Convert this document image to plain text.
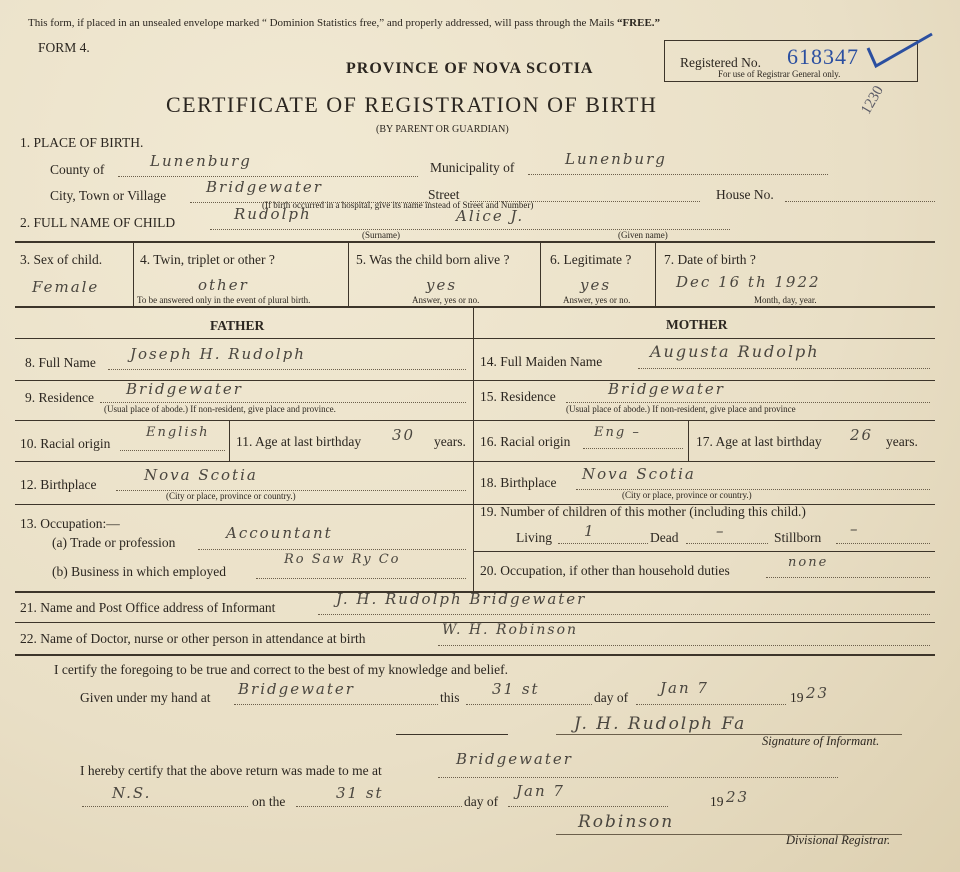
This form, if placed in an unsealed envelope marked “ Dominion Statistics free,” and properly addressed, will pass through the Mails “FREE.”
FORM 4.
PROVINCE OF NOVA SCOTIA
CERTIFICATE OF REGISTRATION OF BIRTH
(BY PARENT OR GUARDIAN)
Registered No. 618347
For use of Registrar General only.
1230
1. PLACE OF BIRTH.
County of	Lunenburg	Municipality of	Lunenburg
City, Town or Village	Bridgewater	Street	House No.
(If birth occurred in a hospital, give its name instead of Street and Number)
2. FULL NAME OF CHILD	Rudolph	Alice J.
(Surname)	(Given name)
3. Sex of child.
Female
4. Twin, triplet or other ?
other
To be answered only in the event of plural birth.
5. Was the child born alive ?
yes
Answer, yes or no.
6. Legitimate ?
yes
Answer, yes or no.
7. Date of birth ?
Dec 16 th 1922
Month, day, year.
FATHER	MOTHER
8. Full Name Joseph H. Rudolph
9. Residence Bridgewater
(Usual place of abode.) If non-resident, give place and province.
10. Racial origin
English
11. Age at last birthday 30 years.
12. Birthplace
Nova Scotia
(City or place, province or country.)
13. Occupation:—
(a) Trade or profession
Accountant
(b) Business in which employed
Ro Saw Ry Co
14. Full Maiden Name
Augusta Rudolph
15. Residence	Bridgewater
(Usual place of abode.) If non-resident, give place and province
16. Racial origin
Eng –
17. Age at last birthday 26 years.
18. Birthplace Nova Scotia
(City or place, province or country.)
19. Number of children of this mother (including this child.)
Living 1	Dead	–	Stillborn –
20. Occupation, if other than household duties
none
21. Name and Post Office address of Informant	J. H. Rudolph Bridgewater
22. Name of Doctor, nurse or other person in attendance at birth
W. H. Robinson
I certify the foregoing to be true and correct to the best of my knowledge and belief.
Given under my hand at Bridgewater	this 31 st	day of
Jan 7
19 23
J. H. Rudolph Fa
Signature of Informant.
I hereby certify that the above return was made to me at
Bridgewater
N.S.	on the	31 st	day of
Jan 7
19 23
Robinson
Divisional Registrar.
